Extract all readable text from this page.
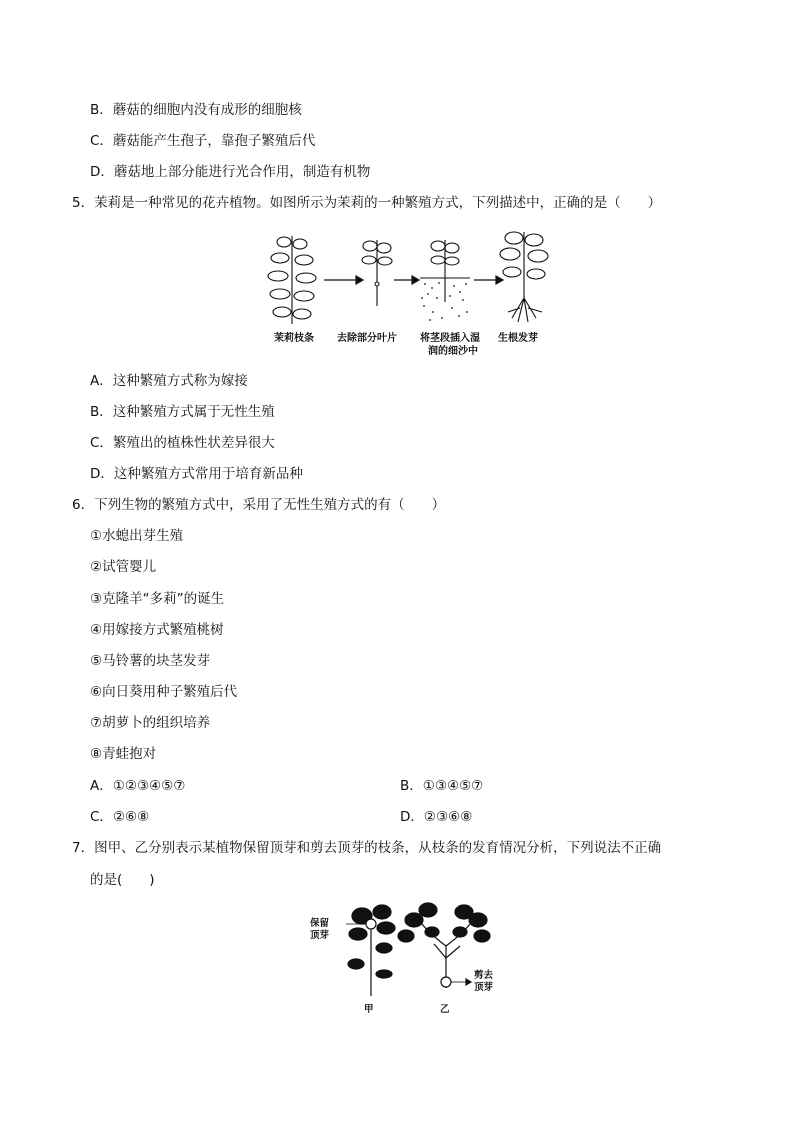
B．蘑菇的细胞内没有成形的细胞核
C．蘑菇能产生孢子，靠孢子繁殖后代
D．蘑菇地上部分能进行光合作用，制造有机物
5．茉莉是一种常见的花卉植物。如图所示为茉莉的一种繁殖方式，下列描述中，正确的是（　　）
茉莉枝条 去除部分叶片 将茎段插入湿
润的细沙中
生根发芽
A．这种繁殖方式称为嫁接
B．这种繁殖方式属于无性生殖
C．繁殖出的植株性状差异很大
D．这种繁殖方式常用于培育新品种
6．下列生物的繁殖方式中，采用了无性生殖方式的有（　　）
①水螅出芽生殖
②试管婴儿
③克隆羊“多莉”的诞生
④用嫁接方式繁殖桃树
⑤马铃薯的块茎发芽
⑥向日葵用种子繁殖后代
⑦胡萝卜的组织培养
⑧青蛙抱对
A．①②③④⑤⑦	B．①③④⑤⑦
C．②⑥⑧	D．②③⑥⑧
7．图甲、乙分别表示某植物保留顶芽和剪去顶芽的枝条，从枝条的发育情况分析，下列说法不正确
的是(　　)
保留
顶芽
剪去
顶芽
甲	乙
